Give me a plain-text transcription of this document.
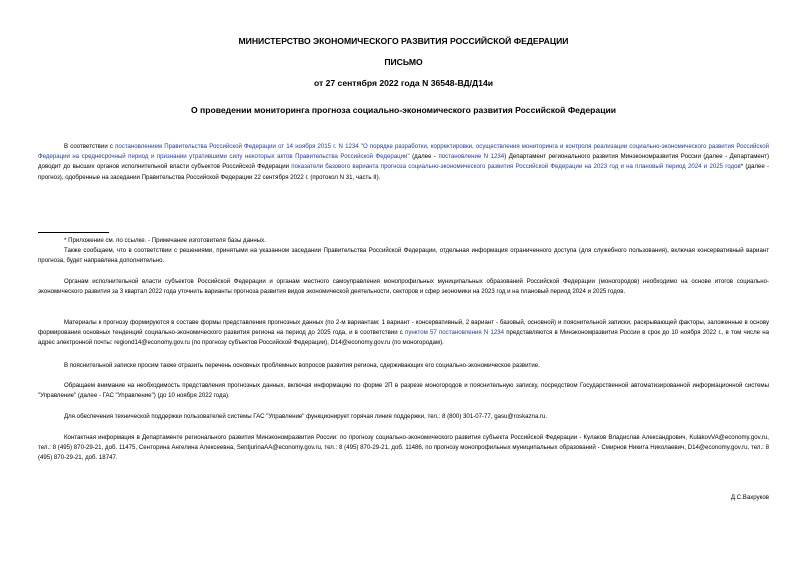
МИНИСТЕРСТВО ЭКОНОМИЧЕСКОГО РАЗВИТИЯ РОССИЙСКОЙ ФЕДЕРАЦИИ
ПИСЬМО
от 27 сентября 2022 года N 36548-ВД/Д14и
О проведении мониторинга прогноза социально-экономического развития Российской Федерации

В соответствии с постановлением Правительства Российской Федерации от 14 ноября 2015 г. N 1234 "О порядке разработки, корректировки, осуществления мониторинга и контроля реализации социально-экономического развития Российской Федерации на среднесрочный период и признании утратившими силу некоторых актов Правительства Российской Федерации" (далее - постановление N 1234) Департамент регионального развития Минэкономразвития России (далее - Департамент) доводит до высших органов исполнительной власти субъектов Российской Федерации показатели базового варианта прогноза социально-экономического развития Российской Федерации на 2023 год и на плановый период 2024 и 2025 годов* (далее - прогноз), одобренные на заседании Правительства Российской Федерации 22 сентября 2022 г. (протокол N 31, часть II).

* Приложение см. по ссылке. - Примечание изготовителя базы данных.

Также сообщаем, что в соответствии с решениями, принятыми на указанном заседании Правительства Российской Федерации, отдельная информация ограниченного доступа (для служебного пользования), включая консервативный вариант прогноза, будет направлена дополнительно.

Органам исполнительной власти субъектов Российской Федерации и органам местного самоуправления монопрофильных муниципальных образований Российской Федерации (моногородов) необходимо на основе итогов социально-экономического развития за 3 квартал 2022 года уточнить варианты прогноза развития видов экономической деятельности, секторов и сфер экономики на 2023 год и на плановый период 2024 и 2025 годов.

Материалы к прогнозу формируются в составе формы представления прогнозных данных (по 2-м вариантам: 1 вариант - консервативный, 2 вариант - базовый, основной) и пояснительной записки, раскрывающей факторы, заложенные в основу формирования основных тенденций социально-экономического развития региона на период до 2025 года, и в соответствии с пунктом 57 постановления N 1234 представляются в Минэкономразвития России в срок до 10 ноября 2022 г., в том числе на адрес электронной почты: regiond14@economy.gov.ru (по прогнозу субъектов Российской Федерации), D14@economy.gov.ru (по моногородам).

В пояснительной записке просим также отразить перечень основных проблемных вопросов развития региона, сдерживающих его социально-экономическое развитие.

Обращаем внимание на необходимость представления прогнозных данных, включая информацию по форме 2П в разрезе моногородов и пояснительную записку, посредством Государственной автоматизированной информационной системы "Управление" (далее - ГАС "Управление") (до 10 ноября 2022 года).

Для обеспечения технической поддержки пользователей системы ГАС "Управление" функционирует горячая линия поддержки, тел.: 8 (800) 301-07-77, gasu@roskazna.ru.

Контактная информация в Департаменте регионального развития Минэкономразвития России: по прогнозу социально-экономического развития субъекта Российской Федерации - Кулаков Владислав Александрович, KulakovVA@economy.gov.ru, тел.: 8 (495) 870-29-21, доб. 11475, Сенторина Ангелина Алексеевна, SentjurinaAA@economy.gov.ru, тел.: 8 (495) 870-29-21, доб. 11486, по прогнозу монопрофильных муниципальных образований - Смирнов Никита Николаевич, D14@economy.gov.ru, тел.: 8 (495) 870-29-21, доб. 18747.

Д.С.Вахруков
